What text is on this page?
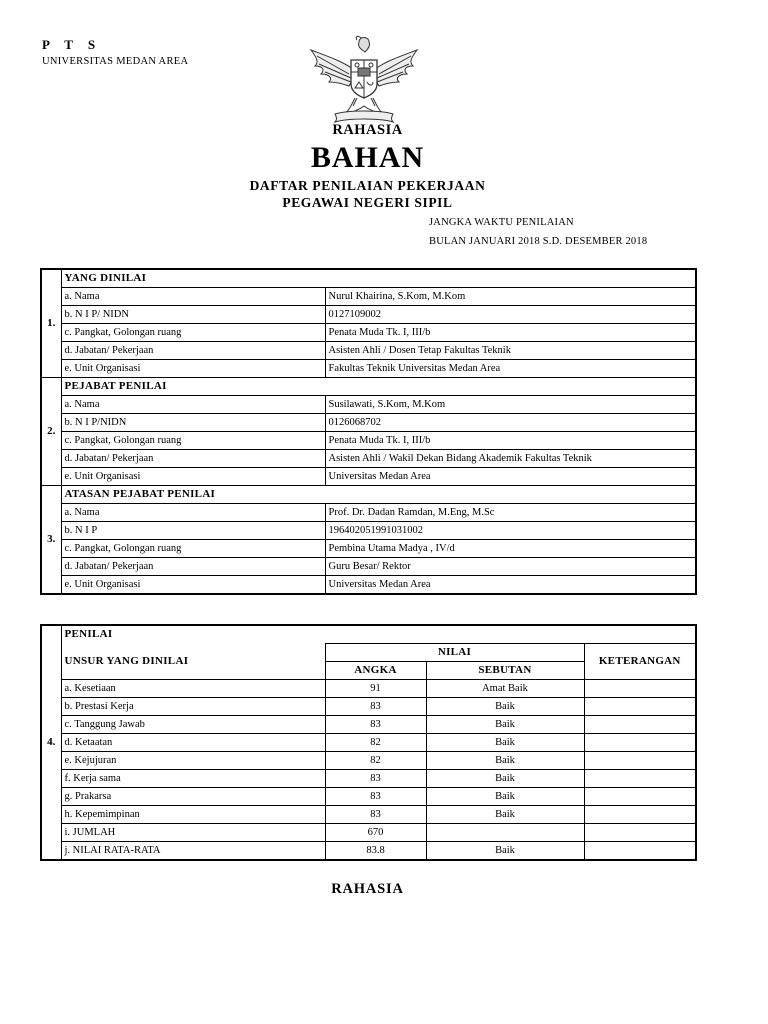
P T S
UNIVERSITAS MEDAN AREA
RAHASIA
BAHAN
DAFTAR PENILAIAN PEKERJAAN
PEGAWAI NEGERI SIPIL
JANGKA WAKTU PENILAIAN
BULAN JANUARI 2018 S.D. DESEMBER 2018
1.	YANG DINILAI	
	a. Nama	Nurul Khairina, S.Kom, M.Kom
	b. N I P/ NIDN	0127109002
	c. Pangkat, Golongan ruang	Penata Muda Tk. I, III/b
	d. Jabatan/ Pekerjaan	Asisten Ahli / Dosen Tetap Fakultas Teknik
	e. Unit Organisasi	Fakultas Teknik Universitas Medan Area
2.	PEJABAT PENILAI	
	a. Nama	Susilawati, S.Kom, M.Kom
	b. N I P/NIDN	0126068702
	c. Pangkat, Golongan ruang	Penata Muda Tk. I, III/b
	d. Jabatan/ Pekerjaan	Asisten Ahli / Wakil Dekan Bidang Akademik Fakultas Teknik
	e. Unit Organisasi	Universitas Medan Area
3.	ATASAN PEJABAT PENILAI	
	a. Nama	Prof. Dr. Dadan Ramdan, M.Eng, M.Sc
	b. N I P	196402051991031002
	c. Pangkat, Golongan ruang	Pembina Utama Madya , IV/d
	d. Jabatan/ Pekerjaan	Guru Besar/ Rektor
	e. Unit Organisasi	Universitas Medan Area
4.	PENILAI			
	UNSUR YANG DINILAI	NILAI		KETERANGAN
		ANGKA	SEBUTAN	
	a. Kesetiaan	91	Amat Baik	
	b. Prestasi Kerja	83	Baik	
	c. Tanggung Jawab	83	Baik	
	d. Ketaatan	82	Baik	
	e. Kejujuran	82	Baik	
	f. Kerja sama	83	Baik	
	g. Prakarsa	83	Baik	
	h. Kepemimpinan	83	Baik	
	i. JUMLAH	670		
	j. NILAI RATA-RATA	83.8	Baik	
RAHASIA
